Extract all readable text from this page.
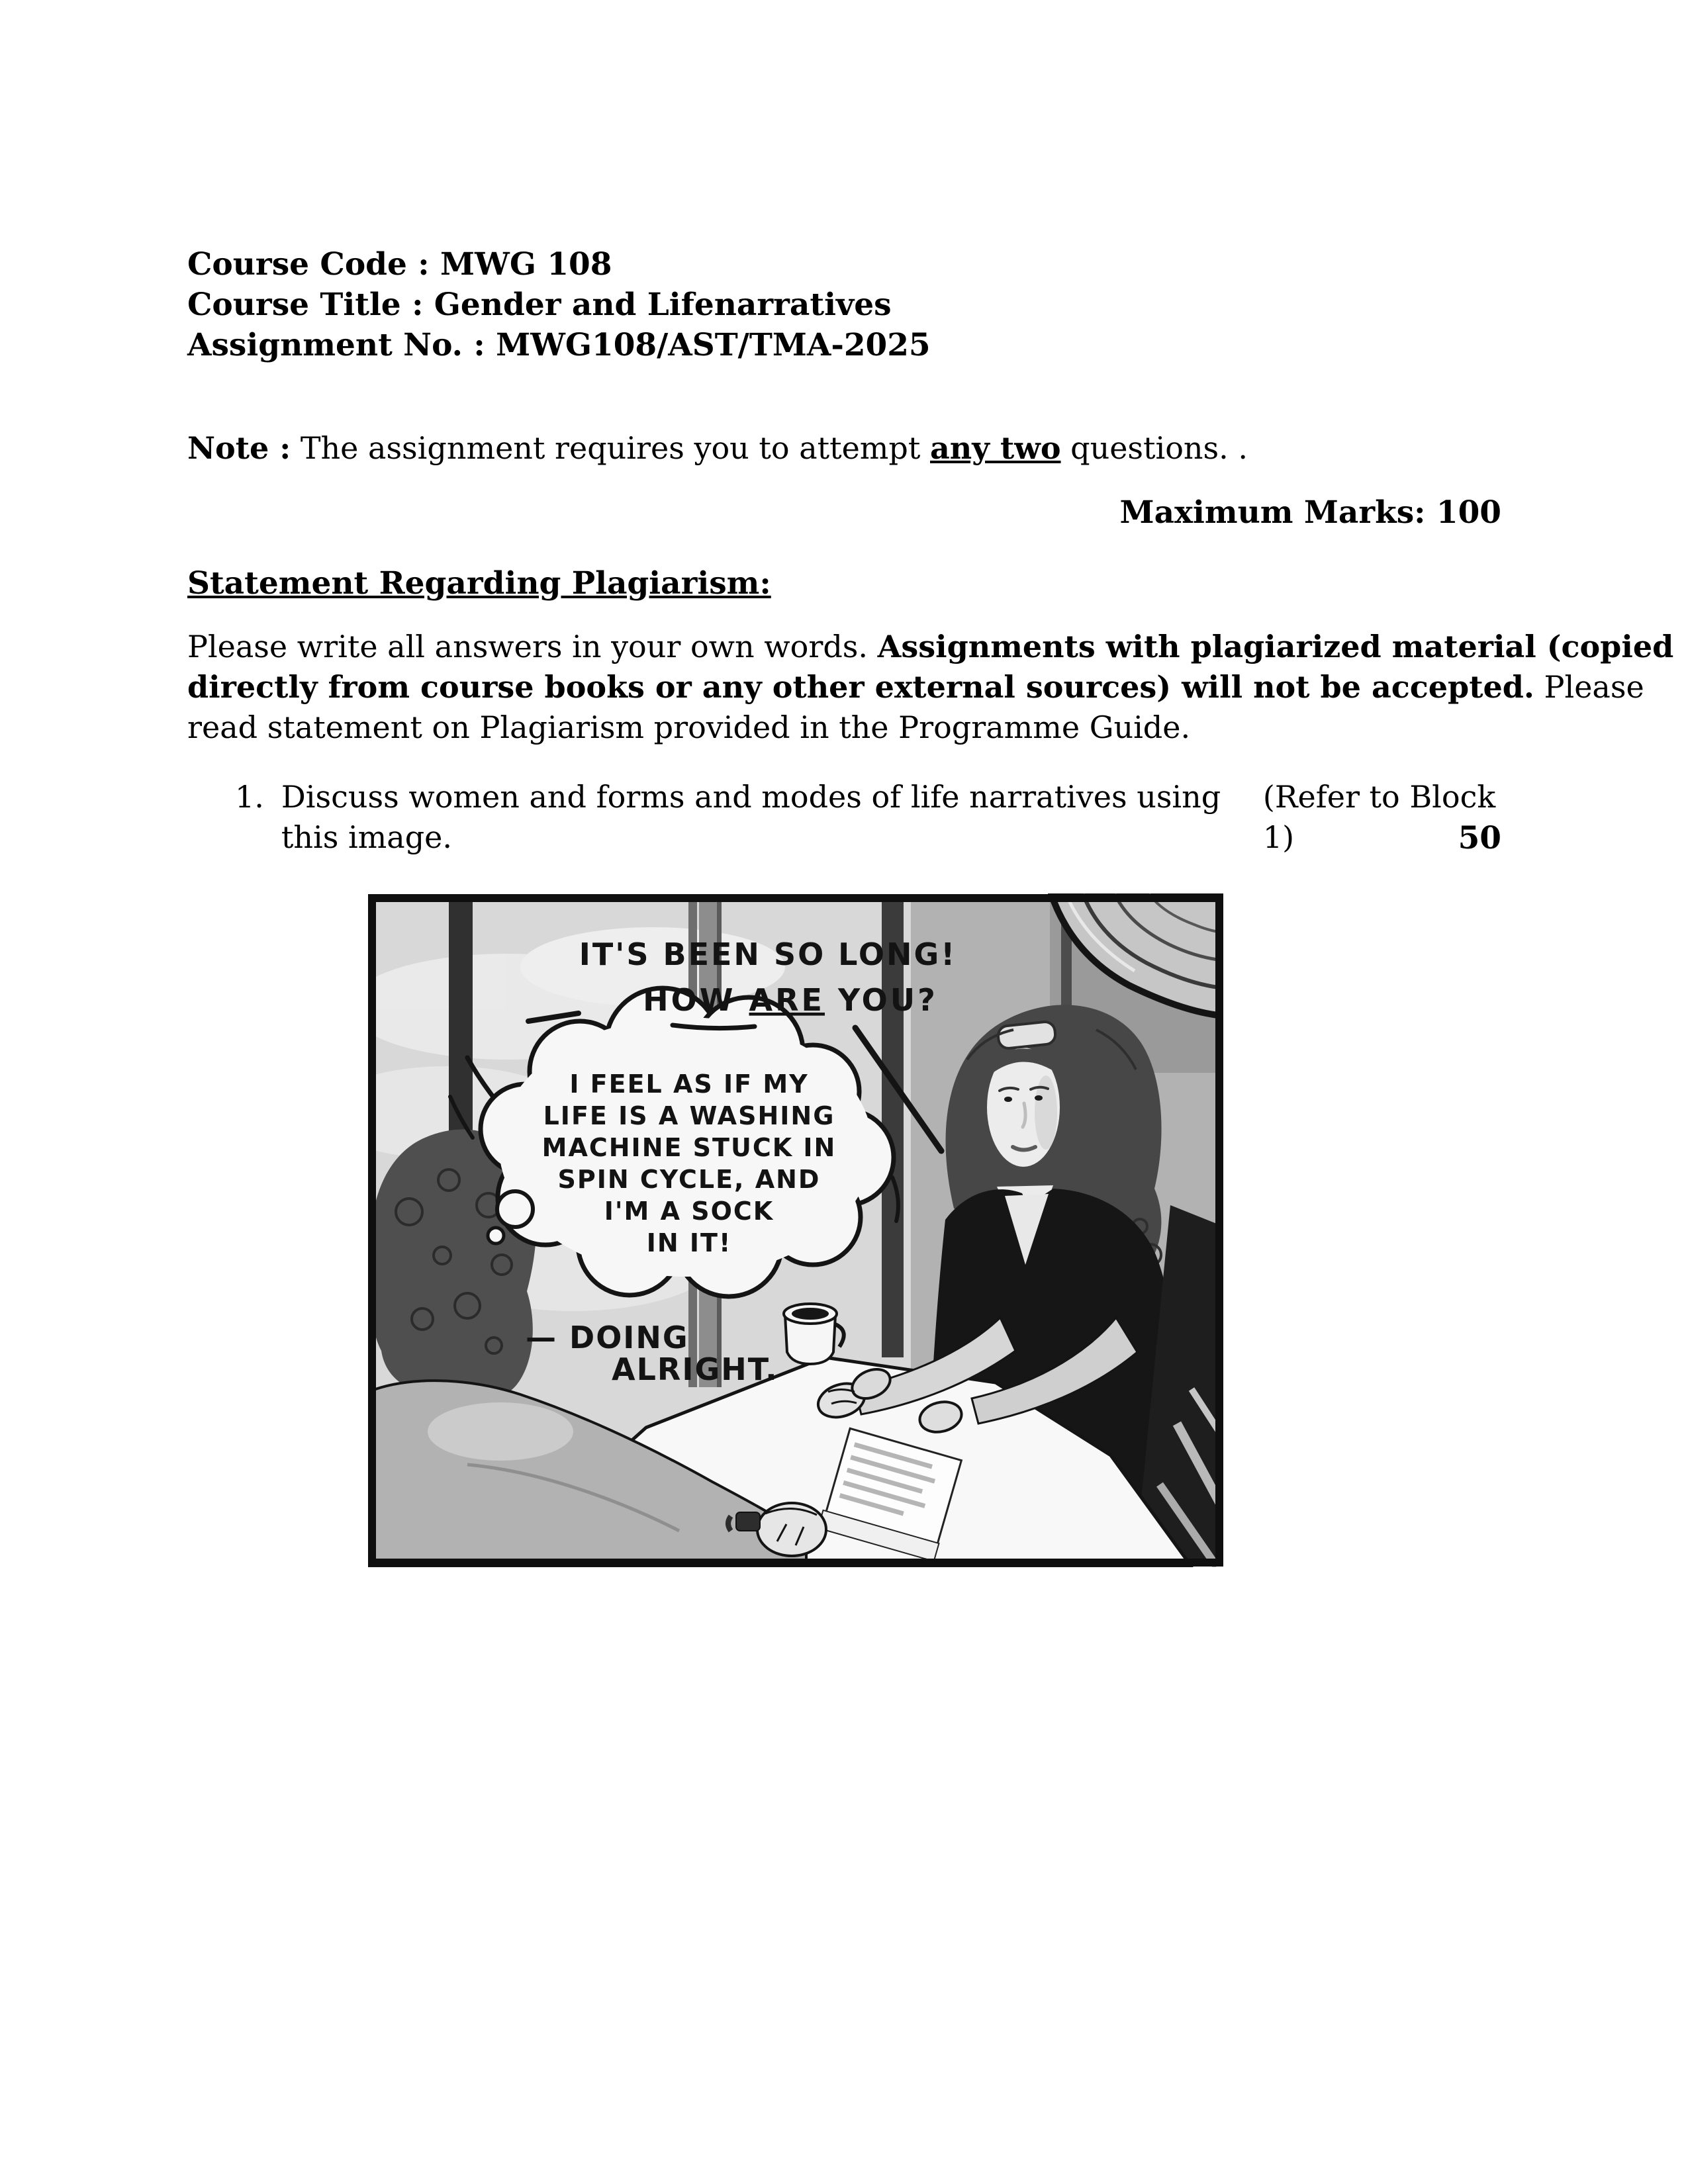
Course Code : MWG 108
Course Title : Gender and Lifenarratives
Assignment No. : MWG108/AST/TMA-2025
Note : The assignment requires you to attempt any two questions. .
Maximum Marks: 100
Statement Regarding Plagiarism:
Please write all answers in your own words. Assignments with plagiarized material (copied
directly from course books or any other external sources) will not be accepted. Please
read statement on Plagiarism provided in the Programme Guide.
1. Discuss women and forms and modes of life narratives using this image.
(Refer to Block 1)	50
IT'S BEEN SO LONG!
HOW ARE YOU?
I FEEL AS IF MY
LIFE IS A WASHING
MACHINE STUCK IN
SPIN CYCLE, AND
I'M A SOCK
IN IT!
— DOING
ALRIGHT.
